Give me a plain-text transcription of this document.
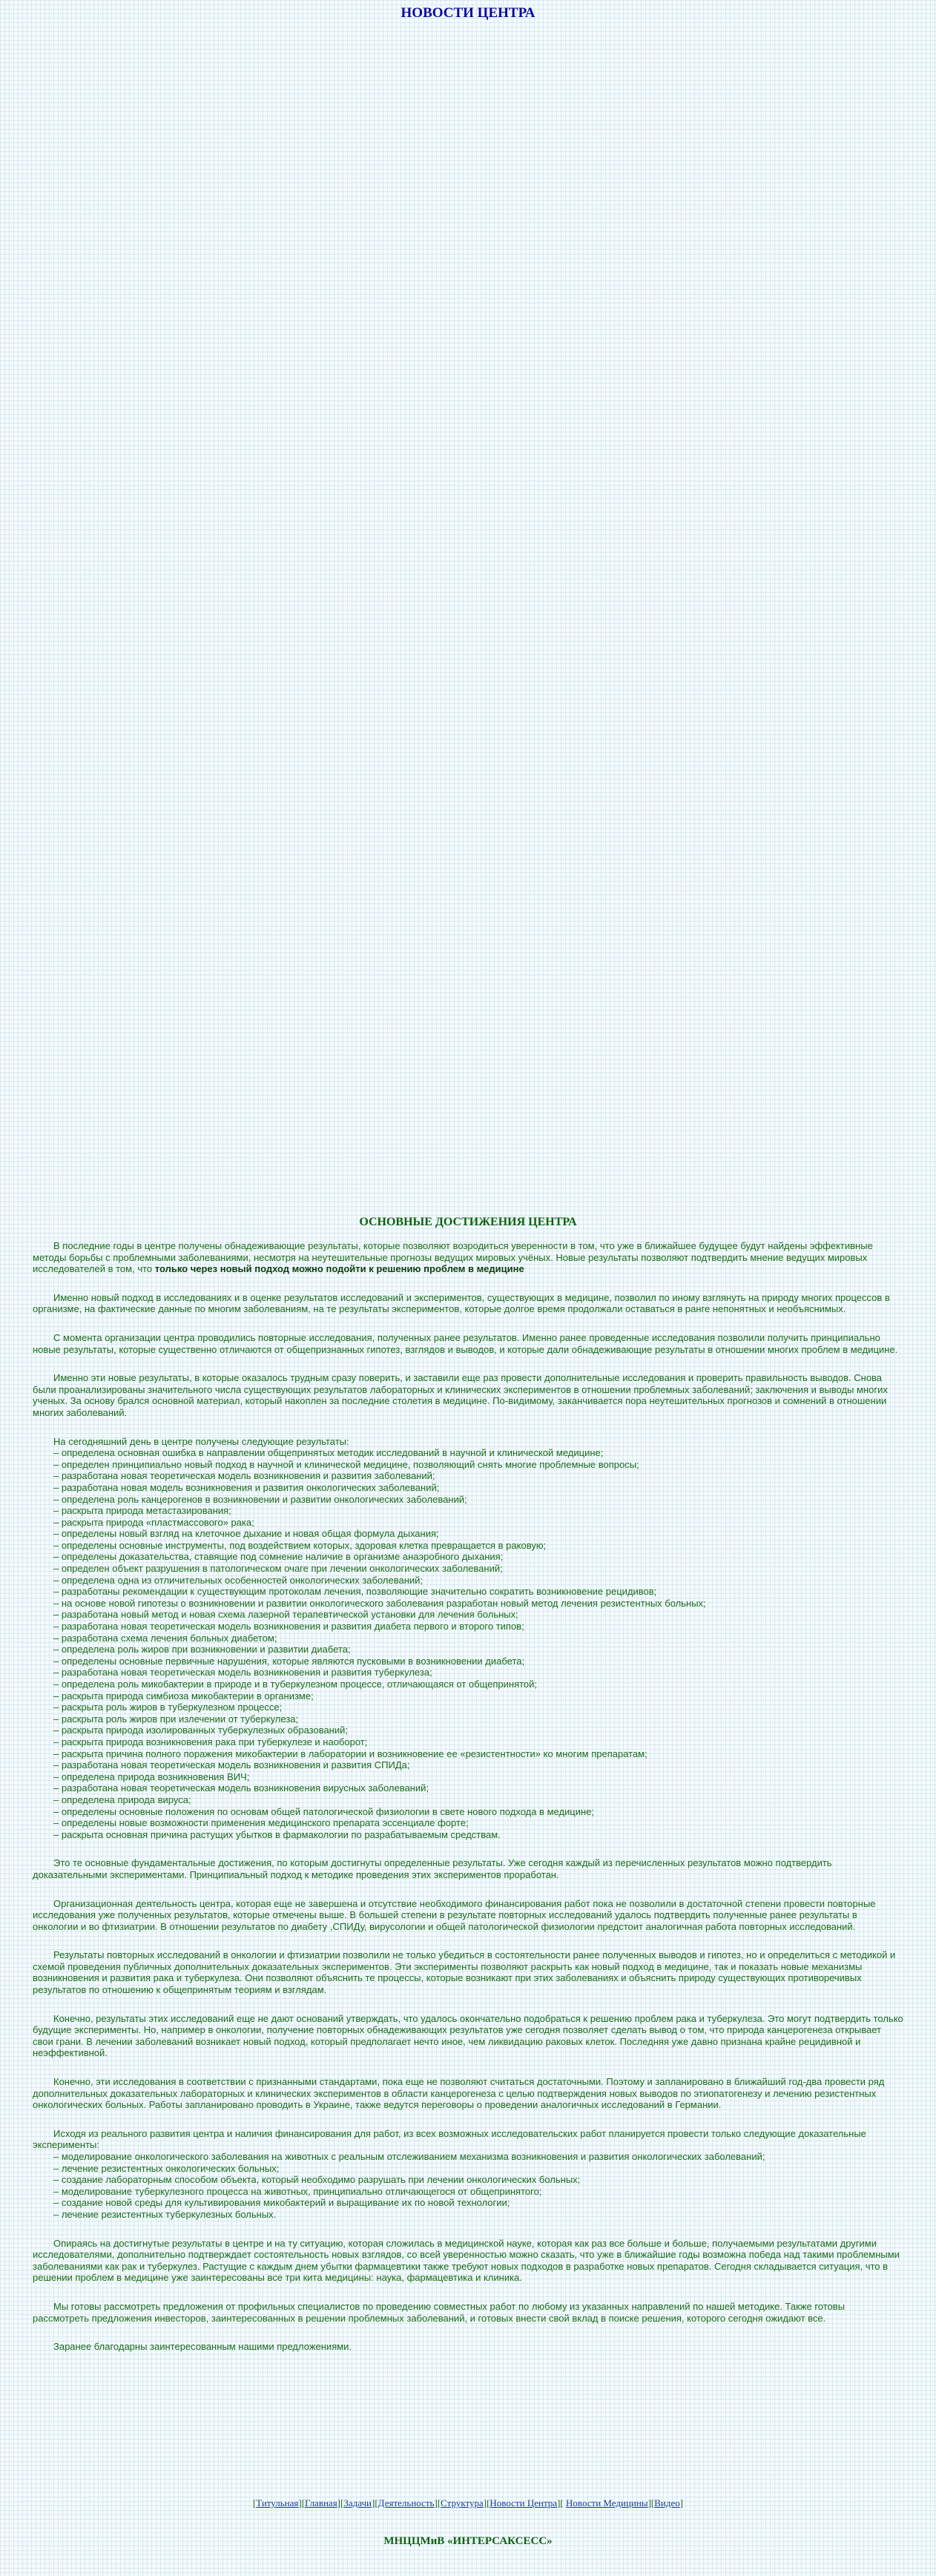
НОВОСТИ ЦЕНТРА
ОСНОВНЫЕ ДОСТИЖЕНИЯ ЦЕНТРА

В последние годы в центре получены обнадеживающие результаты, которые позволяют возродиться уверенности в том, что уже в ближайшее будущее будут найдены эффективные методы борьбы с проблемными заболеваниями, несмотря на неутешительные прогнозы ведущих мировых учёных. Новые результаты позволяют подтвердить мнение ведущих мировых исследователей в том, что только через новый подход можно подойти к решению проблем в медицине

Именно новый подход в исследованиях и в оценке результатов исследований и экспериментов, существующих в медицине, позволил по иному взглянуть на природу многих процессов в организме, на фактические данные по многим заболеваниям, на те результаты экспериментов, которые долгое время продолжали оставаться в ранге непонятных и необъяснимых.

С момента организации центра проводились повторные исследования, полученных ранее результатов. Именно ранее проведенные исследования позволили получить принципиально новые результаты, которые существенно отличаются от общепризнанных гипотез, взглядов и выводов, и которые дали обнадеживающие результаты в отношении многих проблем в медицине.

Именно эти новые результаты, в которые оказалось трудным сразу поверить, и заставили еще раз провести дополнительные исследования и проверить правильность выводов. Снова были проанализированы значительного числа существующих результатов лабораторных и клинических экспериментов в отношении проблемных заболеваний; заключения и выводы многих ученых. За основу брался основной материал, который накоплен за последние столетия в медицине. По-видимому, заканчивается пора неутешительных прогнозов и сомнений в отношении многих заболеваний.

На сегодняшний день в центре получены следующие результаты:

– определена основная ошибка в направлении общепринятых методик исследований в научной и клинической медицине;
– определен принципиально новый подход в научной и клинической медицине, позволяющий снять многие проблемные вопросы;
– разработана новая теоретическая модель возникновения и развития заболеваний;
– разработана новая модель возникновения и развития онкологических заболеваний;
– определена роль канцерогенов в возникновении и развитии онкологических заболеваний;
– раскрыта природа метастазирования;
– раскрыта природа «пластмассового» рака;
– определены новый взгляд на клеточное дыхание и новая общая формула дыхания;
– определены основные инструменты, под воздействием которых, здоровая клетка превращается в раковую;
– определены доказательства, ставящие под сомнение наличие в организме анаэробного дыхания;
– определен объект разрушения в патологическом очаге при лечении онкологических заболеваний;
– определена одна из отличительных особенностей онкологических заболеваний;
– разработаны рекомендации к существующим протоколам лечения, позволяющие значительно сократить возникновение рецидивов;
– на основе новой гипотезы о возникновении и развитии онкологического заболевания разработан новый метод лечения резистентных больных;
– разработана новый метод и новая схема лазерной терапевтической установки для лечения больных;
– разработана новая теоретическая модель возникновения и развития диабета первого и второго типов;
– разработана схема лечения больных диабетом;
– определена роль жиров при возникновении и развитии диабета;
– определены основные первичные нарушения, которые являются пусковыми в возникновении диабета;
– разработана новая теоретическая модель возникновения и развития туберкулеза;
– определена роль микобактерии в природе и в туберкулезном процессе, отличающаяся от общепринятой;
– раскрыта природа симбиоза микобактерии в организме;
– раскрыта роль жиров в туберкулезном процессе;
– раскрыта роль жиров при излечении от туберкулеза;
– раскрыта природа изолированных туберкулезных образований;
– раскрыта природа возникновения рака при туберкулезе и наоборот;
– раскрыта причина полного поражения микобактерии в лаборатории и возникновение ее «резистентности» ко многим препаратам;
– разработана новая теоретическая модель возникновения и развития СПИДа;
– определена природа возникновения ВИЧ;
– разработана новая теоретическая модель возникновения вирусных заболеваний;
– определена природа вируса;
– определены основные положения по основам общей патологической физиологии в свете нового подхода в медицине;
– определены новые возможности применения медицинского препарата эссенциале форте;
– раскрыта основная причина растущих убытков в фармакологии по разрабатываемым средствам.

Это те основные фундаментальные достижения, по которым достигнуты определенные результаты. Уже сегодня каждый из перечисленных результатов можно подтвердить доказательными экспериментами. Принципиальный подход к методике проведения этих экспериментов проработан.

Организационная деятельность центра, которая еще не завершена и отсутствие необходимого финансирования работ пока не позволили в достаточной степени провести повторные исследования уже полученных результатов, которые отмечены выше. В большей степени в результате повторных исследований удалось подтвердить полученные ранее результаты в онкологии и во фтизиатрии. В отношении результатов по диабету ,СПИДу, вирусологии и общей патологической физиологии предстоит аналогичная работа повторных исследований.

Результаты повторных исследований в онкологии и фтизиатрии позволили не только убедиться в состоятельности ранее полученных выводов и гипотез, но и определиться с методикой и схемой проведения публичных дополнительных доказательных экспериментов. Эти эксперименты позволяют раскрыть как новый подход в медицине, так и показать новые механизмы возникновения и развития рака и туберкулеза. Они позволяют объяснить те процессы, которые возникают при этих заболеваниях и объяснить природу существующих противоречивых результатов по отношению к общепринятым теориям и взглядам.

Конечно, результаты этих исследований еще не дают оснований утверждать, что удалось окончательно подобраться к решению проблем рака и туберкулеза. Это могут подтвердить только будущие эксперименты. Но, например в онкологии, получение повторных обнадеживающих результатов уже сегодня позволяет сделать вывод о том, что природа канцерогенеза открывает свои грани. В лечении заболеваний возникает новый подход, который предполагает нечто иное, чем ликвидацию раковых клеток. Последняя уже давно признана крайне рецидивной и неэффективной.

Конечно, эти исследования в соответствии с признанными стандартами, пока еще не позволяют считаться достаточными. Поэтому и запланировано в ближайший год-два провести ряд дополнительных доказательных лабораторных и клинических экспериментов в области канцерогенеза с целью подтверждения новых выводов по этиопатогенезу и лечению резистентных онкологических больных. Работы запланировано проводить в Украине, также ведутся переговоры о проведении аналогичных исследований в Германии.

Исходя из реального развития центра и наличия финансирования для работ, из всех возможных исследовательских работ планируется провести только следующие доказательные эксперименты:

– моделирование онкологического заболевания на животных с реальным отслеживанием механизма возникновения и развития онкологических заболеваний;
– лечение резистентных онкологических больных;
– создание лабораторным способом объекта, который необходимо разрушать при лечении онкологических больных;
– моделирование туберкулезного процесса на животных, принципиально отличающегося от общепринятого;
– создание новой среды для культивирования микобактерий и выращивание их по новой технологии;
– лечение резистентных туберкулезных больных.

Опираясь на достигнутые результаты в центре и на ту ситуацию, которая сложилась в медицинской науке, которая как раз все больше и больше, получаемыми результатами другими исследователями, дополнительно подтверждает состоятельность новых взглядов, со всей уверенностью можно сказать, что уже в ближайшие годы возможна победа над такими проблемными заболеваниями как рак и туберкулез. Растущие с каждым днем убытки фармацевтики также требуют новых подходов в разработке новых препаратов. Сегодня складывается ситуация, что в решении проблем в медицине уже заинтересованы все три кита медицины: наука, фармацевтика и клиника.

Мы готовы рассмотреть предложения от профильных специалистов по проведению совместных работ по любому из указанных направлений по нашей методике. Также готовы рассмотреть предложения инвесторов, заинтересованных в решении проблемных заболеваний, и готовых внести свой вклад в поиске решения, которого сегодня ожидают все.

Заранее благодарны заинтересованным нашими предложениями.

[Титульная][Главная][Задачи][Деятельность][Структура][Новости Центра][ Новости Медицины][Видео]
МНЦЦМиВ «ИНТЕРСАКСЕСС»
